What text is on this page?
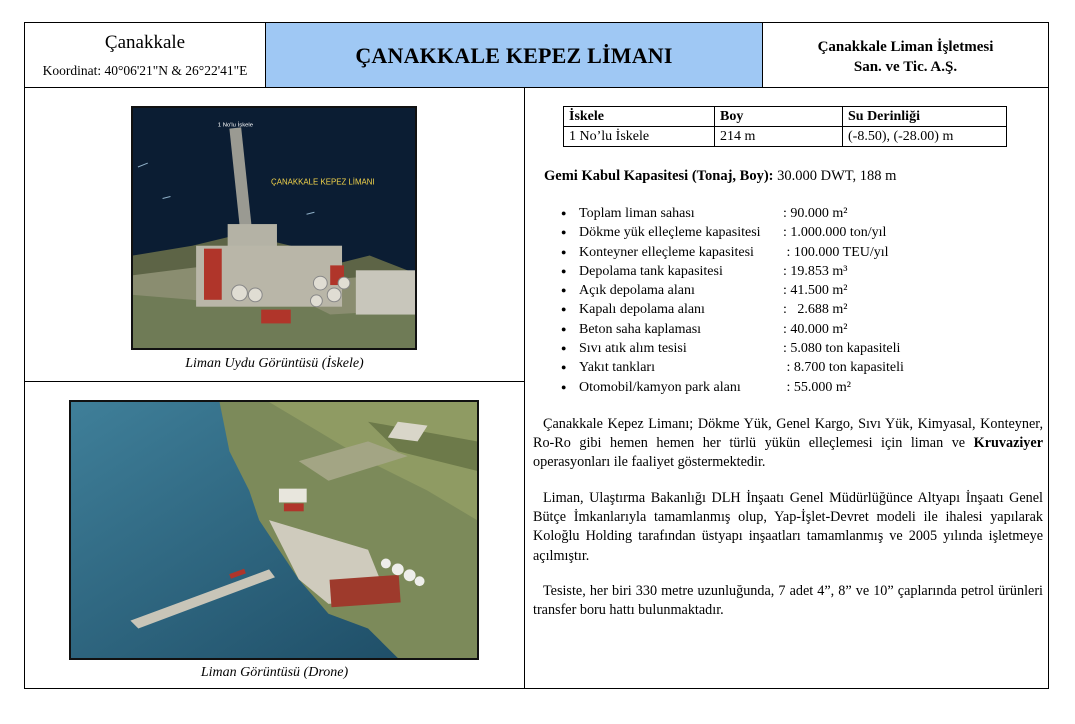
Çanakkale
Koordinat: 40°06'21"N & 26°22'41"E
ÇANAKKALE KEPEZ LİMANI	Çanakkale Liman İşletmesi
San. ve Tic. A.Ş.
1 No'lu İskele
ÇANAKKALE KEPEZ LİMANI
Liman Uydu Görüntüsü (İskele)
Liman Görüntüsü (Drone)
İskele	Boy	Su Derinliği
1 No’lu İskele	214 m	(-8.50), (-28.00) m
Gemi Kabul Kapasitesi (Tonaj, Boy): 30.000 DWT, 188 m
● Toplam liman sahası	: 90.000 m²
● Dökme yük elleçleme kapasitesi : 1.000.000 ton/yıl
● Konteyner elleçleme kapasitesi : 100.000 TEU/yıl
● Depolama tank kapasitesi	: 19.853 m³
● Açık depolama alanı	: 41.500 m²
● Kapalı depolama alanı	:   2.688 m²
● Beton saha kaplaması	: 40.000 m²
● Sıvı atık alım tesisi	: 5.080 ton kapasiteli
● Yakıt tankları	: 8.700 ton kapasiteli
● Otomobil/kamyon park alanı	: 55.000 m²
Çanakkale Kepez Limanı; Dökme Yük, Genel Kargo, Sıvı Yük, Kimyasal, Konteyner, Ro-Ro gibi hemen hemen her türlü yükün elleçlemesi için liman ve Kruvaziyer operasyonları ile faaliyet göstermektedir.
Liman, Ulaştırma Bakanlığı DLH İnşaatı Genel Müdürlüğünce Altyapı İnşaatı Genel Bütçe İmkanlarıyla tamamlanmış olup, Yap-İşlet-Devret modeli ile ihalesi yapılarak Koloğlu Holding tarafından üstyapı inşaatları tamamlanmış ve 2005 yılında işletmeye açılmıştır.
Tesiste, her biri 330 metre uzunluğunda, 7 adet 4”, 8” ve 10” çaplarında petrol ürünleri transfer boru hattı bulunmaktadır.
